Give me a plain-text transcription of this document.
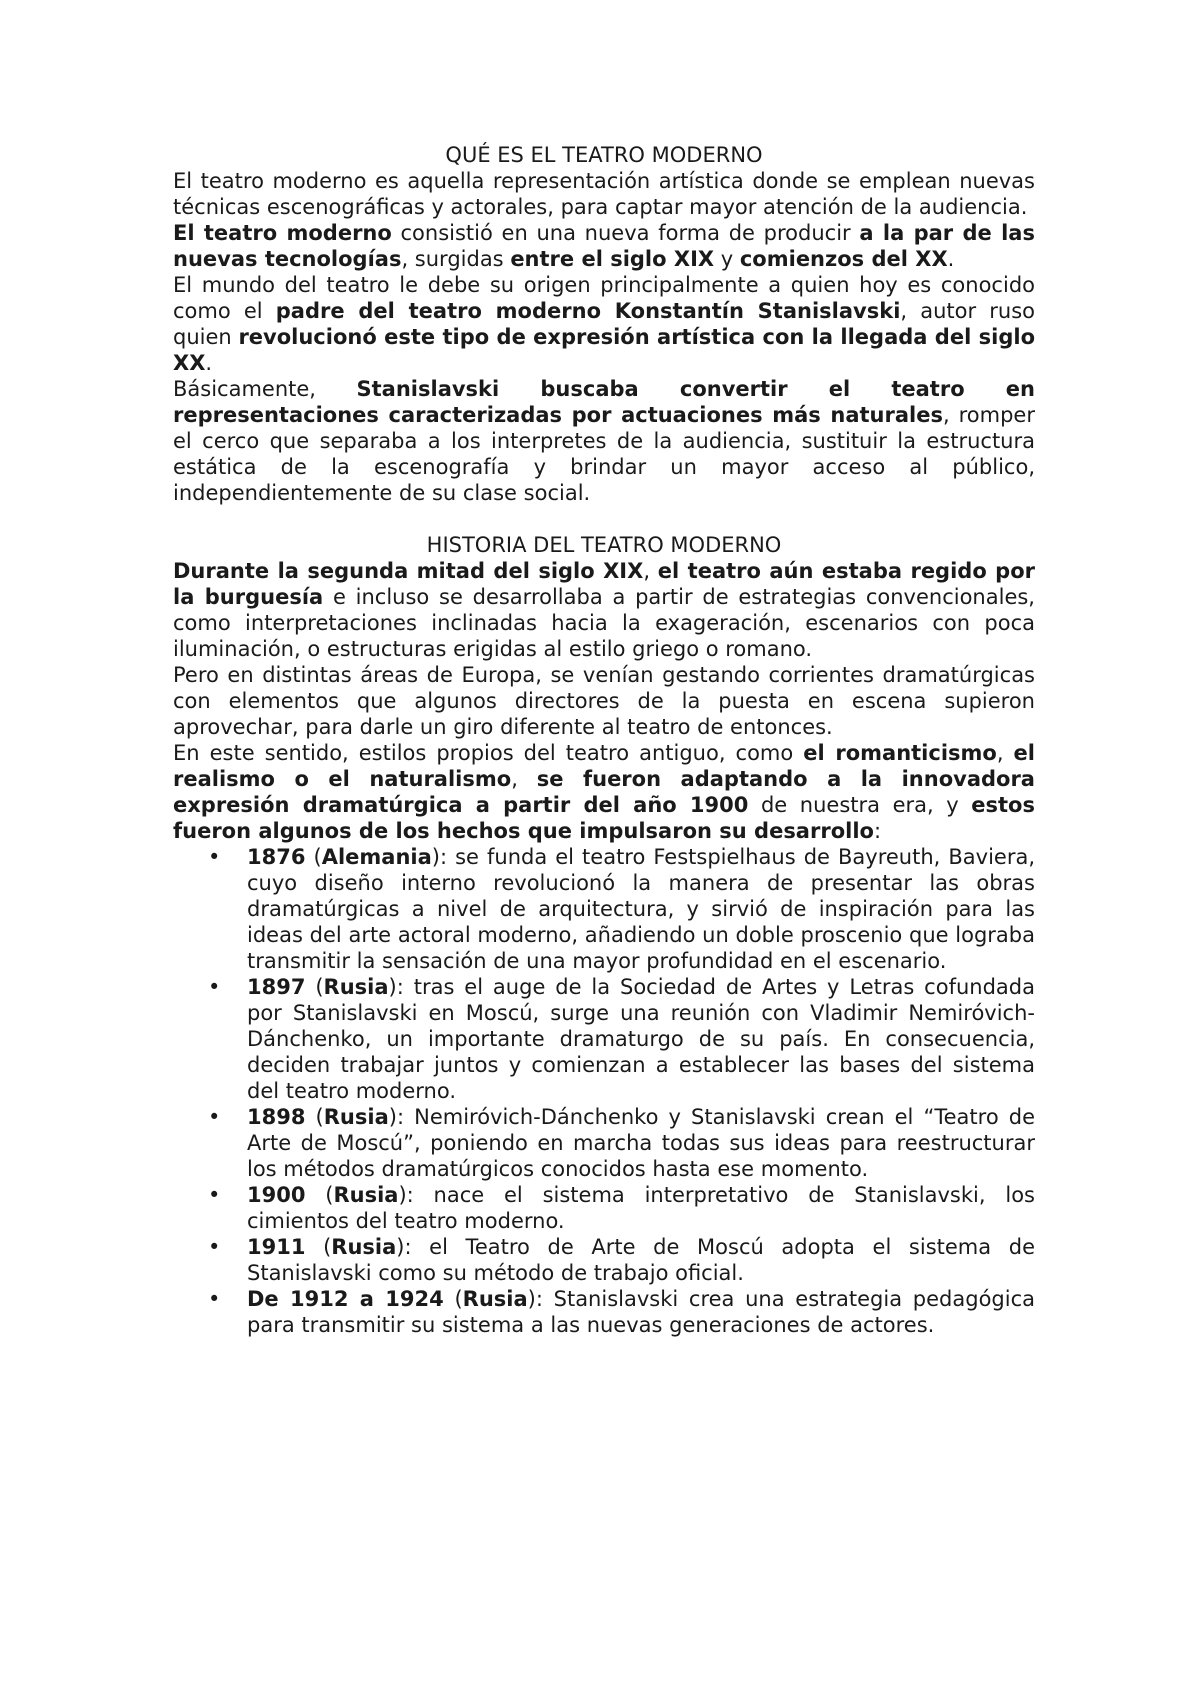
QUÉ ES EL TEATRO MODERNO

El teatro moderno es aquella representación artística donde se emplean nuevas técnicas escenográficas y actorales, para captar mayor atención de la audiencia.

El teatro moderno consistió en una nueva forma de producir a la par de las nuevas tecnologías, surgidas entre el siglo XIX y comienzos del XX.

El mundo del teatro le debe su origen principalmente a quien hoy es conocido como el padre del teatro moderno Konstantín Stanislavski, autor ruso quien revolucionó este tipo de expresión artística con la llegada del siglo XX.

Básicamente, Stanislavski buscaba convertir el teatro en representaciones caracterizadas por actuaciones más naturales, romper el cerco que separaba a los interpretes de la audiencia, sustituir la estructura estática de la escenografía y brindar un mayor acceso al público, independientemente de su clase social.

HISTORIA DEL TEATRO MODERNO

Durante la segunda mitad del siglo XIX, el teatro aún estaba regido por la burguesía e incluso se desarrollaba a partir de estrategias convencionales, como interpretaciones inclinadas hacia la exageración, escenarios con poca iluminación, o estructuras erigidas al estilo griego o romano.

Pero en distintas áreas de Europa, se venían gestando corrientes dramatúrgicas con elementos que algunos directores de la puesta en escena supieron aprovechar, para darle un giro diferente al teatro de entonces.

En este sentido, estilos propios del teatro antiguo, como el romanticismo, el realismo o el naturalismo, se fueron adaptando a la innovadora expresión dramatúrgica a partir del año 1900 de nuestra era, y estos fueron algunos de los hechos que impulsaron su desarrollo:

• 1876 (Alemania): se funda el teatro Festspielhaus de Bayreuth, Baviera, cuyo diseño interno revolucionó la manera de presentar las obras dramatúrgicas a nivel de arquitectura, y sirvió de inspiración para las ideas del arte actoral moderno, añadiendo un doble proscenio que lograba transmitir la sensación de una mayor profundidad en el escenario.
• 1897 (Rusia): tras el auge de la Sociedad de Artes y Letras cofundada por Stanislavski en Moscú, surge una reunión con Vladimir Nemiróvich-Dánchenko, un importante dramaturgo de su país. En consecuencia, deciden trabajar juntos y comienzan a establecer las bases del sistema del teatro moderno.
• 1898 (Rusia): Nemiróvich-Dánchenko y Stanislavski crean el “Teatro de Arte de Moscú”, poniendo en marcha todas sus ideas para reestructurar los métodos dramatúrgicos conocidos hasta ese momento.
• 1900 (Rusia): nace el sistema interpretativo de Stanislavski, los cimientos del teatro moderno.
• 1911 (Rusia): el Teatro de Arte de Moscú adopta el sistema de Stanislavski como su método de trabajo oficial.
• De 1912 a 1924 (Rusia): Stanislavski crea una estrategia pedagógica para transmitir su sistema a las nuevas generaciones de actores.
